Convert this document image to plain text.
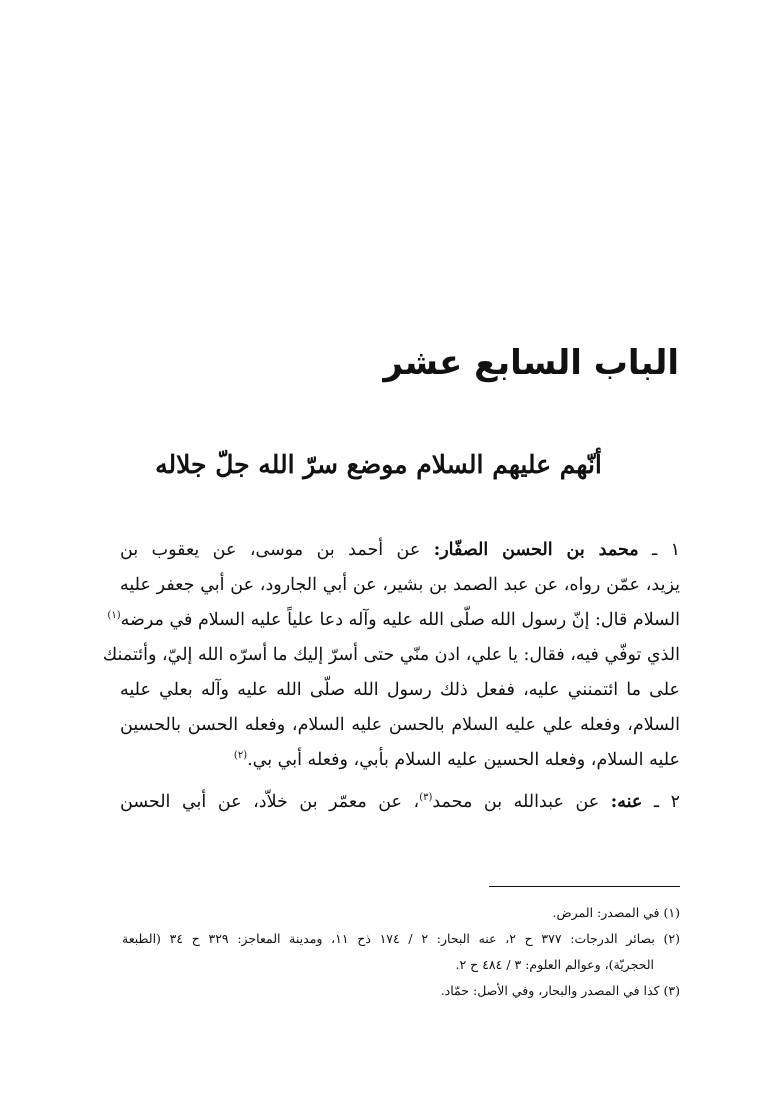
الباب السابع عشر
أنّهم عليهم السلام موضع سرّ الله جلّ جلاله
١ ـ محمد بن الحسن الصفّار: عن أحمد بن موسى، عن يعقوب بن
يزيد، عمّن رواه، عن عبد الصمد بن بشير، عن أبي الجارود، عن أبي جعفر عليه
السلام قال: إنّ رسول الله صلّى الله عليه وآله دعا علياً عليه السلام في مرضه$^{(١)}$
الذي توفّي فيه، فقال: يا علي، ادن منّي حتى أسرّ إليك ما أسرّه الله إليّ، وأئتمنك
على ما ائتمنني عليه، ففعل ذلك رسول الله صلّى الله عليه وآله بعلي عليه
السلام، وفعله علي عليه السلام بالحسن عليه السلام، وفعله الحسن بالحسين
عليه السلام، وفعله الحسين عليه السلام بأبي، وفعله أبي بي.$^{(٢)}$
٢ ـ عنه: عن عبدالله بن محمد$^{(٣)}$، عن معمّر بن خلاّد، عن أبي الحسن
(١) في المصدر: المرض.
(٢) بصائر الدرجات: ٣٧٧ ح ٢، عنه البحار: ٢ / ١٧٤ ذح ١١، ومدينة المعاجز: ٣٢٩ ح ٣٤ (الطبعة
الحجريّة)، وعوالم العلوم: ٣ / ٤٨٤ ح ٢.
(٣) كذا في المصدر والبحار، وفي الأصل: حمّاد.
